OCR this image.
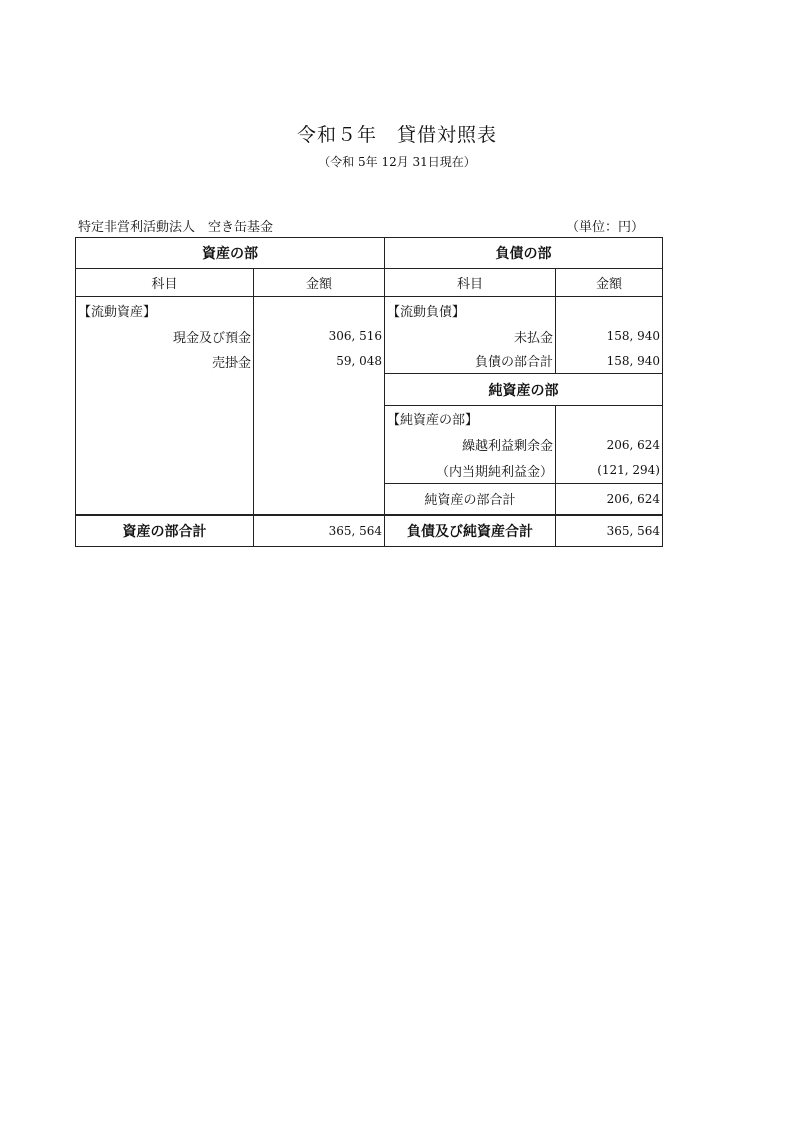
令和５年　貸借対照表
（令和 5年 12月 31日現在）
特定非営利活動法人　空き缶基金	（単位：円）
資産の部		負債の部	
科目	金額	科目	金額
【流動資産】		【流動負債】	
現金及び預金	306, 516	未払金	158, 940
売掛金	59, 048	負債の部合計	158, 940
		純資産の部	
		【純資産の部】	
		繰越利益剰余金	206, 624
		（内当期純利益金）	(121, 294)
		純資産の部合計	206, 624
資産の部合計	365, 564	負債及び純資産合計	365, 564
